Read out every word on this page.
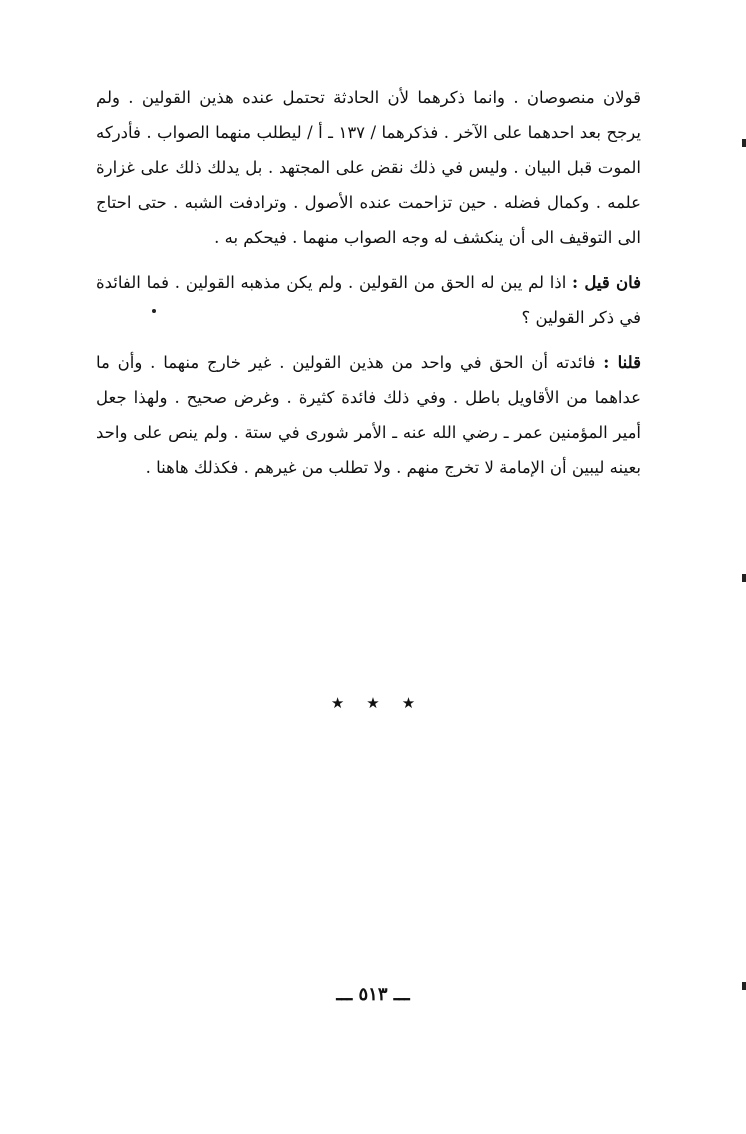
قولان منصوصان . وانما ذكرهما لأن الحادثة تحتمل عنده هذين القولين . ولم يرجح بعد احدهما على الآخر . فذكرهما / ١٣٧ ـ أ / ليطلب منهما الصواب . فأدركه الموت قبل البيان . وليس في ذلك نقض على المجتهد . بل يدلك ذلك على غزارة علمه . وكمال فضله . حين تزاحمت عنده الأصول . وترادفت الشبه . حتى احتاج الى التوقيف الى أن ينكشف له وجه الصواب منهما . فيحكم به .

فان قيل : اذا لم يبن له الحق من القولين . ولم يكن مذهبه القولين . فما الفائدة في ذكر القولين ؟

قلنا : فائدته أن الحق في واحد من هذين القولين . غير خارج منهما . وأن ما عداهما من الأقاويل باطل . وفي ذلك فائدة كثيرة . وغرض صحيح . ولهذا جعل أمير المؤمنين عمر ـ رضي الله عنه ـ الأمر شورى في ستة . ولم ينص على واحد بعينه ليبين أن الإمامة لا تخرج منهم . ولا تطلب من غيرهم . فكذلك هاهنا .

★★★
ـــ ٥١٣ ـــ
